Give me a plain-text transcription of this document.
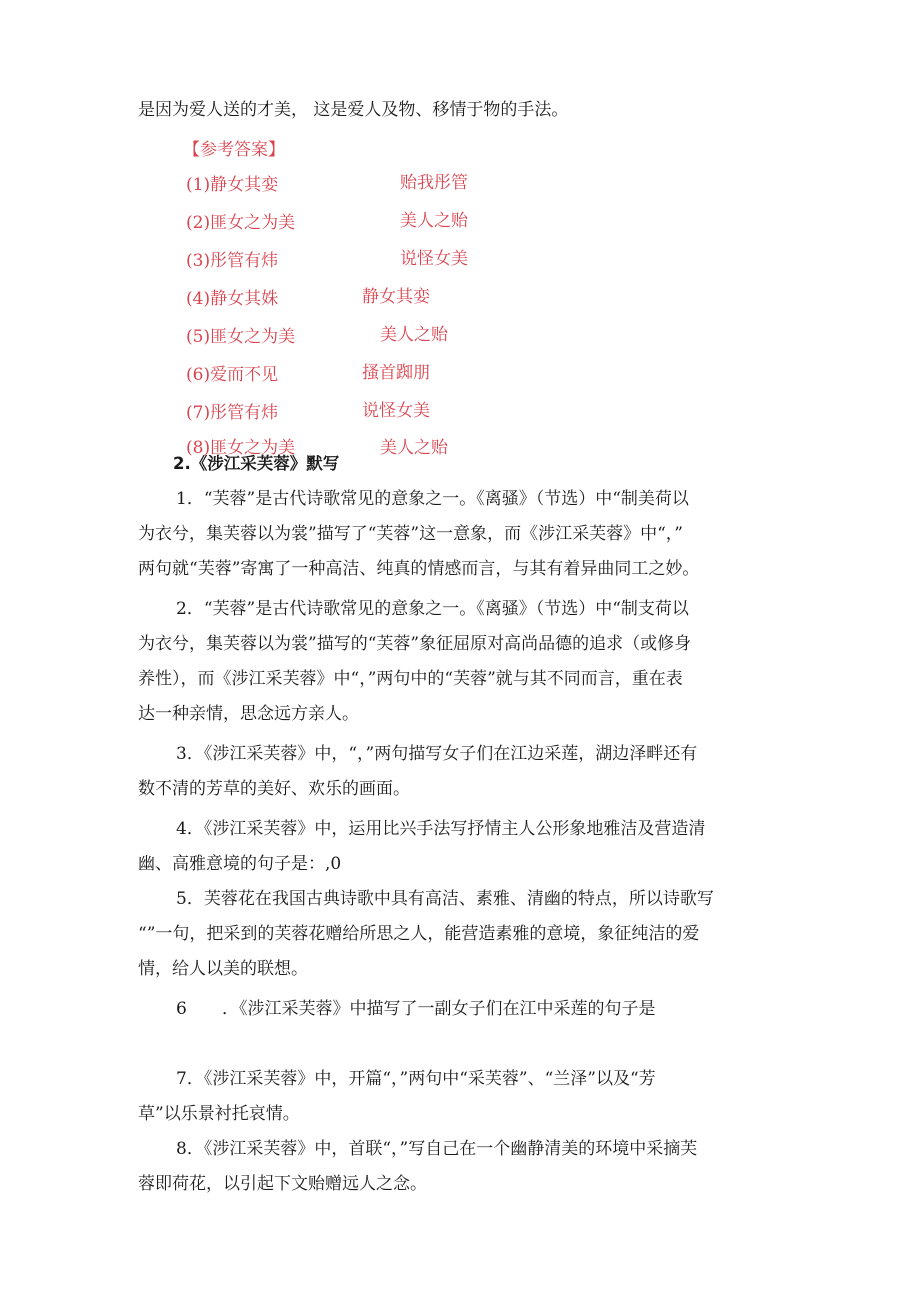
是因为爱人送的才美， 这是爱人及物、移情于物的手法。
【参考答案】
(1)静女其娈	贻我彤管
(2)匪女之为美	美人之贻
(3)彤管有炜	说怪女美
(4)静女其姝	静女其娈
(5)匪女之为美	美人之贻
(6)爱而不见	搔首踟朋
(7)彤管有炜	说怪女美
(8)匪女之为美	美人之贻
2.《涉江采芙蓉》默写
1．“芙蓉”是古代诗歌常见的意象之一。《离骚》（节选）中“制美荷以
为衣兮，集芙蓉以为裳”描写了“芙蓉”这一意象，而《涉江采芙蓉》中“，”
两句就“芙蓉”寄寓了一种高洁、纯真的情感而言，与其有着异曲同工之妙。
2．“芙蓉”是古代诗歌常见的意象之一。《离骚》（节选）中“制支荷以
为衣兮，集芙蓉以为裳”描写的“芙蓉”象征屈原对高尚品德的追求（或修身
养性），而《涉江采芙蓉》中“，”两句中的“芙蓉”就与其不同而言，重在表
达一种亲情，思念远方亲人。
3．《涉江采芙蓉》中，“，”两句描写女子们在江边采莲，湖边泽畔还有
数不清的芳草的美好、欢乐的画面。
4．《涉江采芙蓉》中，运用比兴手法写抒情主人公形象地雅洁及营造清
幽、高雅意境的句子是：,0
5．芙蓉花在我国古典诗歌中具有高洁、素雅、清幽的特点，所以诗歌写
“”一句，把采到的芙蓉花赠给所思之人，能营造素雅的意境，象征纯洁的爱
情，给人以美的联想。
6 ．《涉江采芙蓉》中描写了一副女子们在江中采莲的句子是
7．《涉江采芙蓉》中，开篇“，”两句中“采芙蓉”、“兰泽”以及“芳
草”以乐景衬托哀情。
8．《涉江采芙蓉》中，首联“，”写自己在一个幽静清美的环境中采摘芙
蓉即荷花，以引起下文贻赠远人之念。
